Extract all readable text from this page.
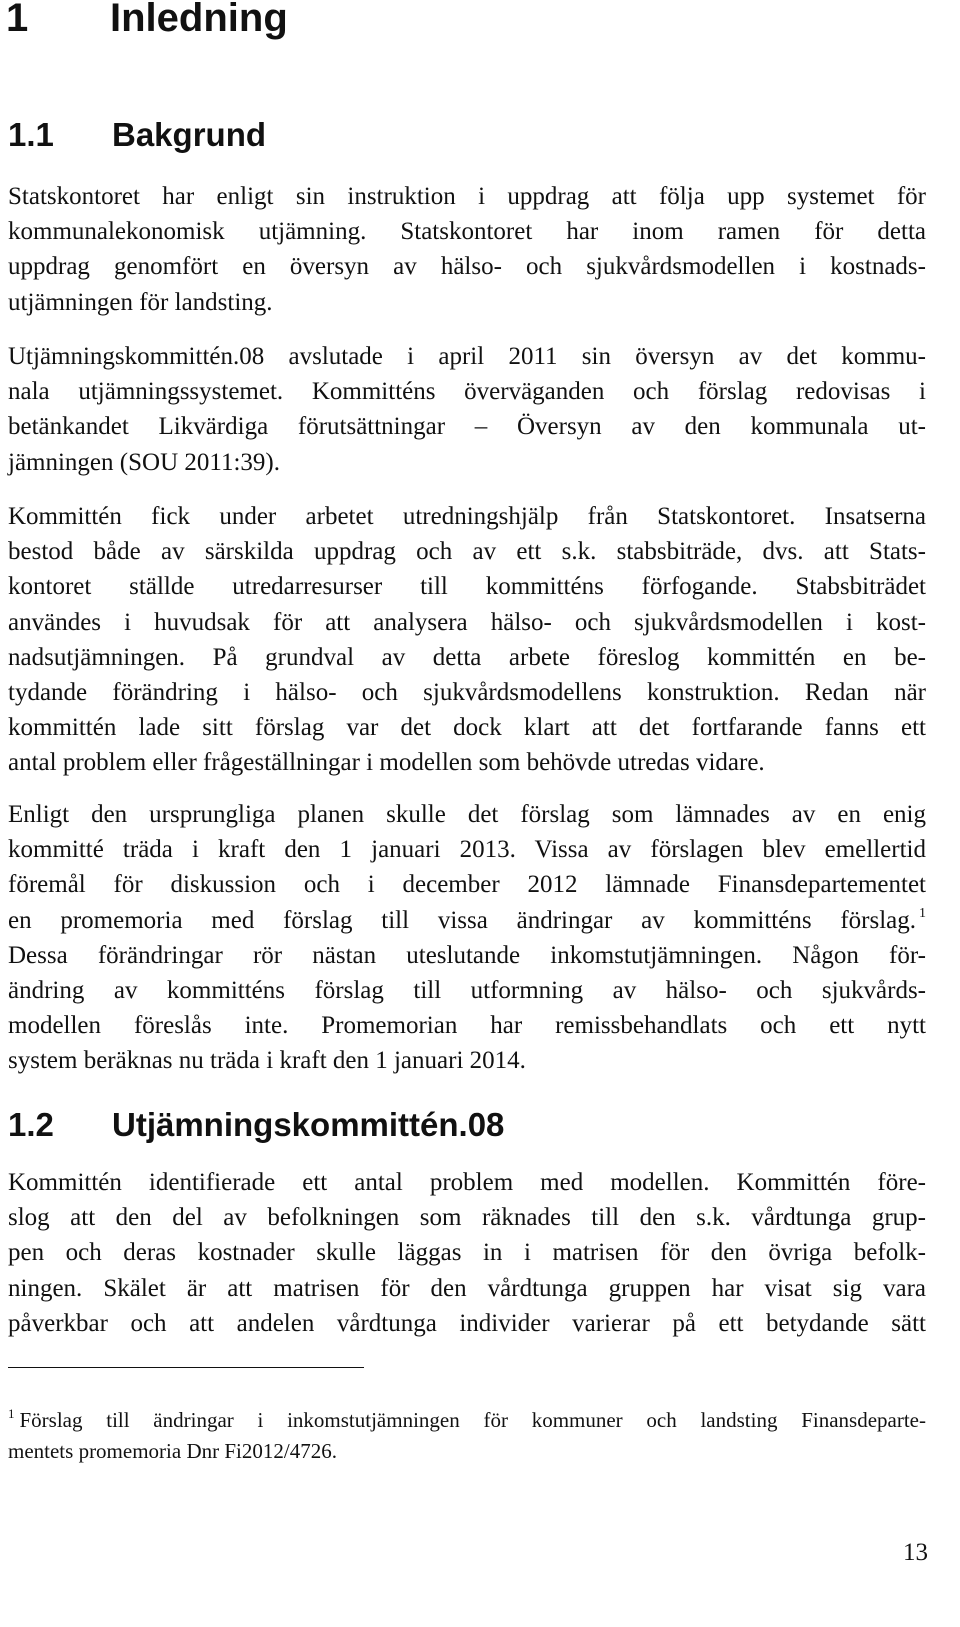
1 Inledning
1.1 Bakgrund
Statskontoret har enligt sin instruktion i uppdrag att följa upp systemet för
kommunalekonomisk utjämning. Statskontoret har inom ramen för detta
uppdrag genomfört en översyn av hälso- och sjukvårdsmodellen i kostnads-
utjämningen för landsting.
Utjämningskommittén.08 avslutade i april 2011 sin översyn av det kommu-
nala utjämningssystemet. Kommitténs överväganden och förslag redovisas i
betänkandet Likvärdiga förutsättningar – Översyn av den kommunala ut-
jämningen (SOU 2011:39).
Kommittén fick under arbetet utredningshjälp från Statskontoret. Insatserna
bestod både av särskilda uppdrag och av ett s.k. stabsbiträde, dvs. att Stats-
kontoret ställde utredarresurser till kommitténs förfogande. Stabsbiträdet
användes i huvudsak för att analysera hälso- och sjukvårdsmodellen i kost-
nadsutjämningen. På grundval av detta arbete föreslog kommittén en be-
tydande förändring i hälso- och sjukvårdsmodellens konstruktion. Redan när
kommittén lade sitt förslag var det dock klart att det fortfarande fanns ett
antal problem eller frågeställningar i modellen som behövde utredas vidare.
Enligt den ursprungliga planen skulle det förslag som lämnades av en enig
kommitté träda i kraft den 1 januari 2013. Vissa av förslagen blev emellertid
föremål för diskussion och i december 2012 lämnade Finansdepartementet
en promemoria med förslag till vissa ändringar av kommitténs förslag. $^1$
Dessa förändringar rör nästan uteslutande inkomstutjämningen. Någon för-
ändring av kommitténs förslag till utformning av hälso- och sjukvårds-
modellen föreslås inte. Promemorian har remissbehandlats och ett nytt
system beräknas nu träda i kraft den 1 januari 2014.
1.2 Utjämningskommittén.08
Kommittén identifierade ett antal problem med modellen. Kommittén före-
slog att den del av befolkningen som räknades till den s.k. vårdtunga grup-
pen och deras kostnader skulle läggas in i matrisen för den övriga befolk-
ningen. Skälet är att matrisen för den vårdtunga gruppen har visat sig vara
påverkbar och att andelen vårdtunga individer varierar på ett betydande sätt
$^1$ Förslag till ändringar i inkomstutjämningen för kommuner och landsting Finansdeparte-
mentets promemoria Dnr Fi2012/4726.
13
